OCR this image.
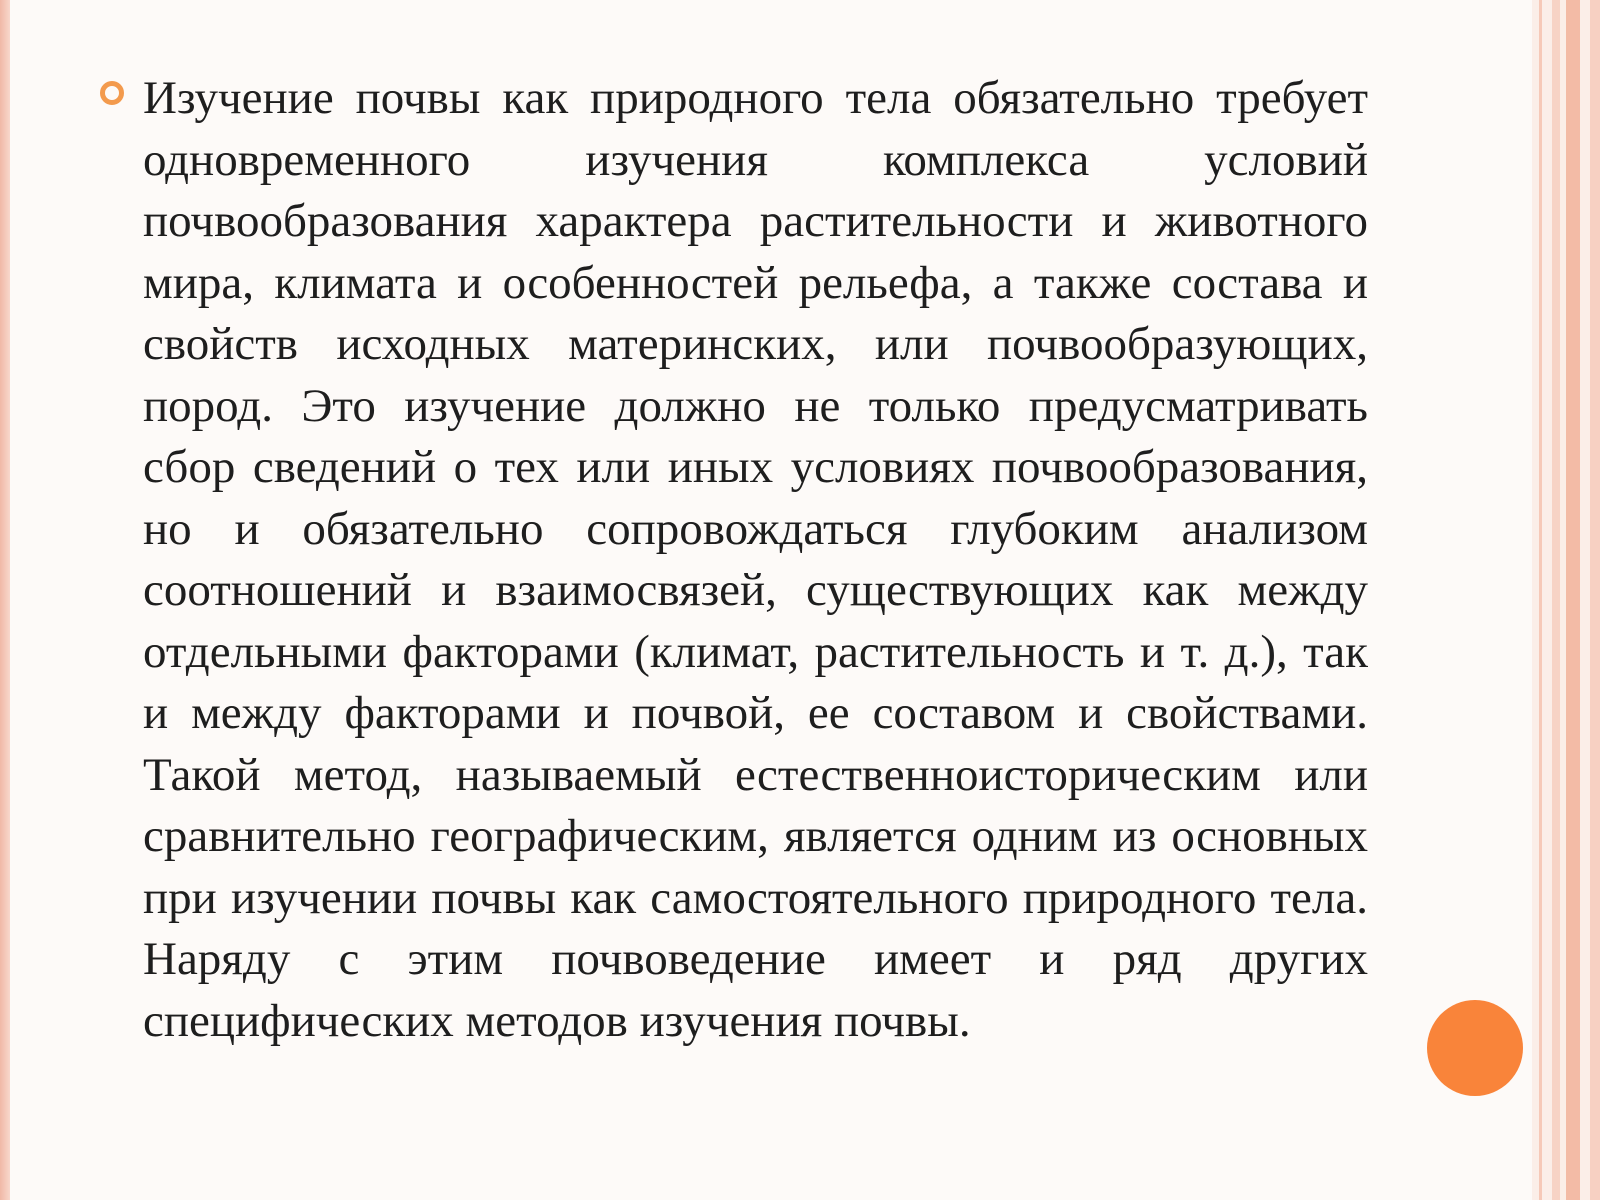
Изучение почвы как природного тела обязательно требует одновременного изучения комплекса условий почвообразования характера растительности и животного мира, климата и особенностей рельефа, а также состава и свойств исходных материнских, или почвообразующих, пород. Это изучение должно не только предусматривать сбор сведений о тех или иных условиях почвообразования, но и обязательно сопровождаться глубоким анализом соотношений и взаимосвязей, существующих как между отдельными факторами (климат, растительность и т. д.), так и между факторами и почвой, ее составом и свойствами. Такой метод, называемый естественноисторическим или сравнительно географическим, является одним из основных при изучении почвы как самостоятельного природного тела. Наряду с этим почвоведение имеет и ряд других специфических методов изучения почвы.
